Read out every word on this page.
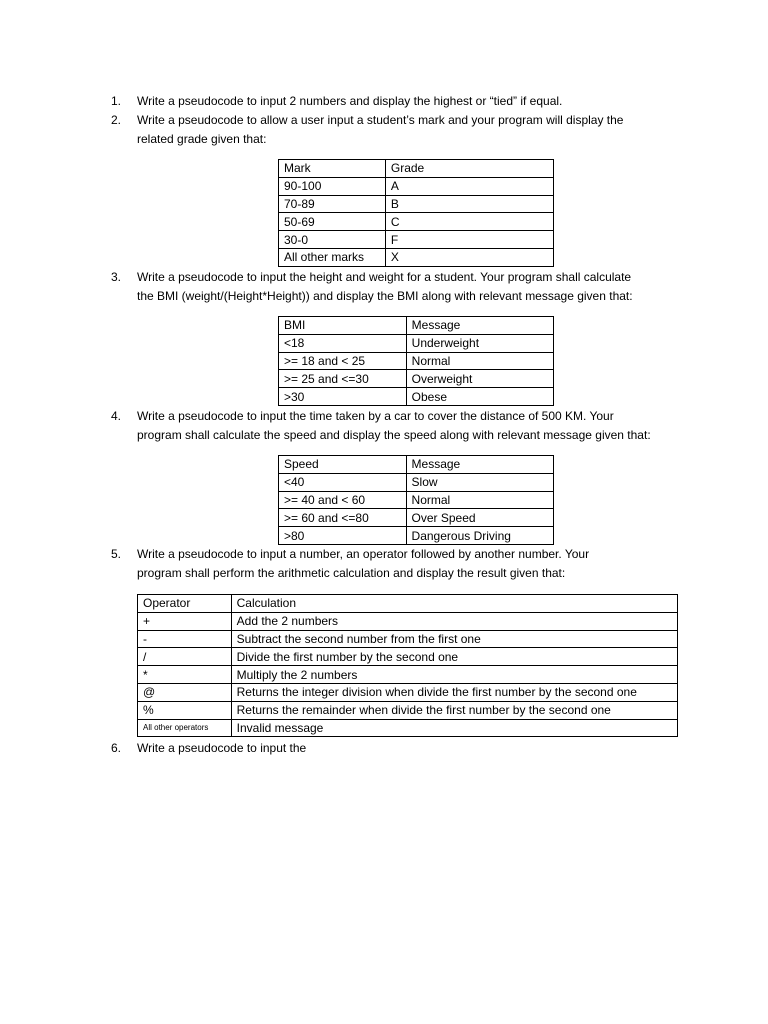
1.	Write a pseudocode to input 2 numbers and display the highest or “tied” if equal.
2.	Write a pseudocode to allow a user input a student’s mark and your program will display the
related grade given that:
Mark	Grade
90-100	A
70-89	B
50-69	C
30-0	F
All other marks	X
3.	Write a pseudocode to input the height and weight for a student. Your program shall calculate
the BMI (weight/(Height*Height)) and display the BMI along with relevant message given that:
BMI	Message
<18	Underweight
>= 18 and < 25	Normal
>= 25 and <=30	Overweight
>30	Obese
4.	Write a pseudocode to input the time taken by a car to cover the distance of 500 KM. Your
program shall calculate the speed and display the speed along with relevant message given that:
Speed	Message
<40	Slow
>= 40 and < 60	Normal
>= 60 and <=80	Over Speed
>80	Dangerous Driving
5.	Write a pseudocode to input a number, an operator followed by another number. Your
program shall perform the arithmetic calculation and display the result given that:
Operator	Calculation
+	Add the 2 numbers
-	Subtract the second number from the first one
/	Divide the first number by the second one
*	Multiply the 2 numbers
@	Returns the integer division when divide the first number by the second one
%	Returns the remainder when divide the first number by the second one
All other operators	Invalid message
6.	Write a pseudocode to input the
